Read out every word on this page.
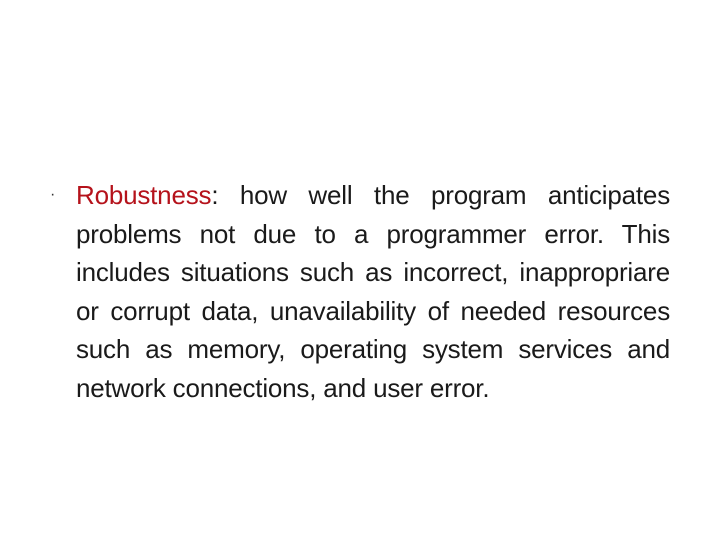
· Robustness: how well the program anticipates problems not due to a programmer error. This includes situations such as incorrect, inappropriare or corrupt data, unavailability of needed resources such as memory, operating system services and network connections, and user error.
